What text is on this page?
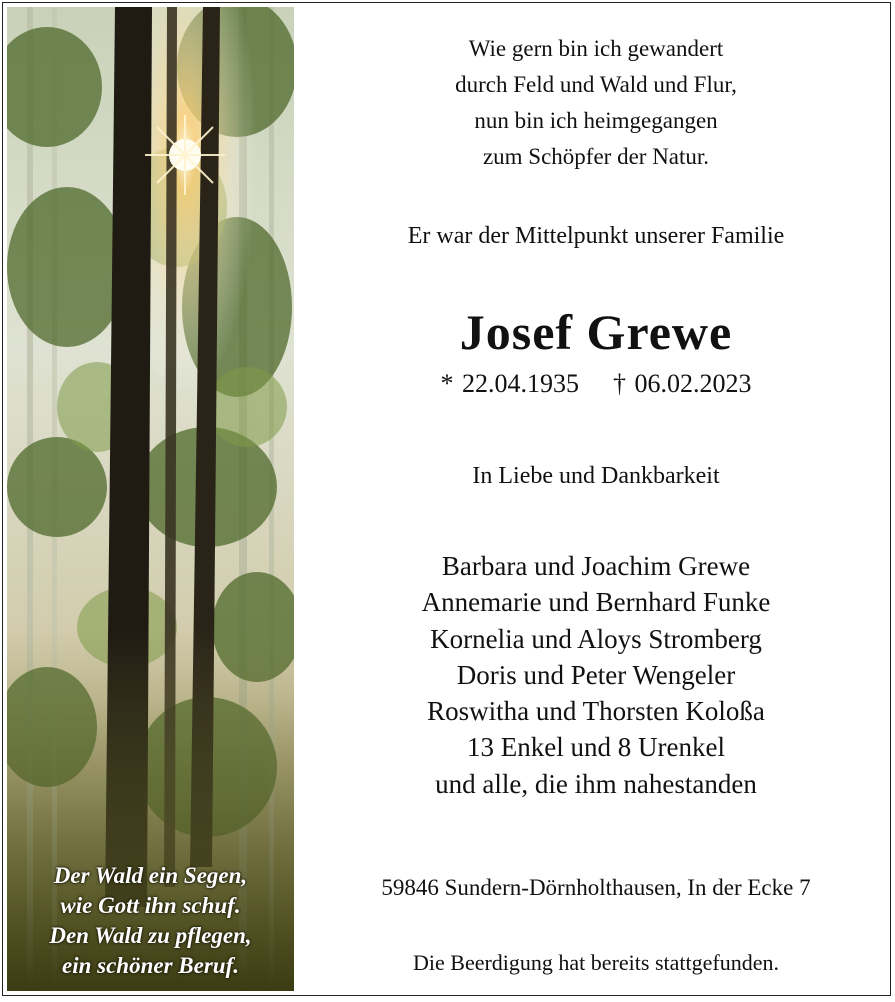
Der Wald ein Segen,
wie Gott ihn schuf.
Den Wald zu pflegen,
ein schöner Beruf.
Wie gern bin ich gewandert
durch Feld und Wald und Flur,
nun bin ich heimgegangen
zum Schöpfer der Natur.
Er war der Mittelpunkt unserer Familie
Josef Grewe
* 22.04.1935 † 06.02.2023
In Liebe und Dankbarkeit
Barbara und Joachim Grewe
Annemarie und Bernhard Funke
Kornelia und Aloys Stromberg
Doris und Peter Wengeler
Roswitha und Thorsten Koloßa
13 Enkel und 8 Urenkel
und alle, die ihm nahestanden
59846 Sundern-Dörnholthausen, In der Ecke 7
Die Beerdigung hat bereits stattgefunden.
